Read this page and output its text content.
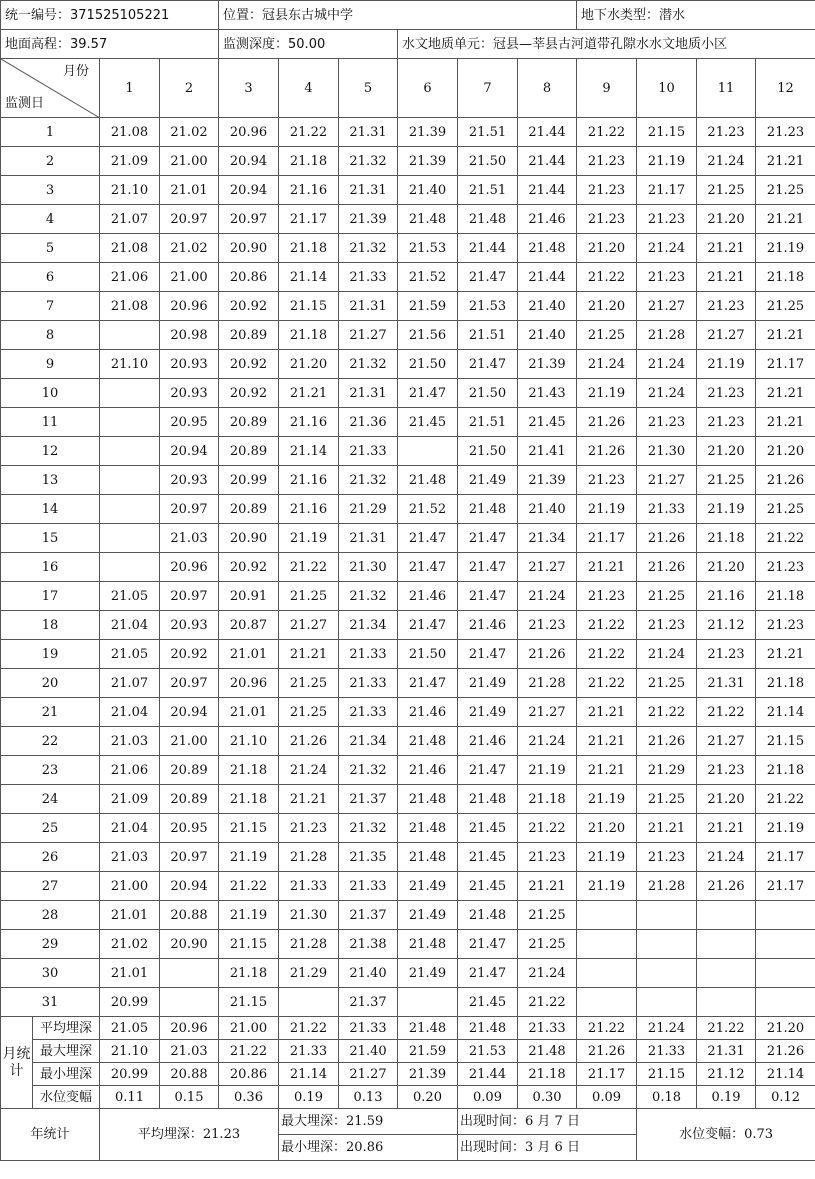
统一编号：371525105221				位置：冠县东古城中学						地下水类型：潜水			
地面高程：39.57				监测深度：50.00			水文地质单元：冠县—莘县古河道带孔隙水水文地质小区						

月份
监测日		1	2	3	4	5	6	7	8	9	10	11	12
1		21.08	21.02	20.96	21.22	21.31	21.39	21.51	21.44	21.22	21.15	21.23	21.23
2		21.09	21.00	20.94	21.18	21.32	21.39	21.50	21.44	21.23	21.19	21.24	21.21
3		21.10	21.01	20.94	21.16	21.31	21.40	21.51	21.44	21.23	21.17	21.25	21.25
4		21.07	20.97	20.97	21.17	21.39	21.48	21.48	21.46	21.23	21.23	21.20	21.21
5		21.08	21.02	20.90	21.18	21.32	21.53	21.44	21.48	21.20	21.24	21.21	21.19
6		21.06	21.00	20.86	21.14	21.33	21.52	21.47	21.44	21.22	21.23	21.21	21.18
7		21.08	20.96	20.92	21.15	21.31	21.59	21.53	21.40	21.20	21.27	21.23	21.25
8			20.98	20.89	21.18	21.27	21.56	21.51	21.40	21.25	21.28	21.27	21.21
9		21.10	20.93	20.92	21.20	21.32	21.50	21.47	21.39	21.24	21.24	21.19	21.17
10			20.93	20.92	21.21	21.31	21.47	21.50	21.43	21.19	21.24	21.23	21.21
11			20.95	20.89	21.16	21.36	21.45	21.51	21.45	21.26	21.23	21.23	21.21
12			20.94	20.89	21.14	21.33		21.50	21.41	21.26	21.30	21.20	21.20
13			20.93	20.99	21.16	21.32	21.48	21.49	21.39	21.23	21.27	21.25	21.26
14			20.97	20.89	21.16	21.29	21.52	21.48	21.40	21.19	21.33	21.19	21.25
15			21.03	20.90	21.19	21.31	21.47	21.47	21.34	21.17	21.26	21.18	21.22
16			20.96	20.92	21.22	21.30	21.47	21.47	21.27	21.21	21.26	21.20	21.23
17		21.05	20.97	20.91	21.25	21.32	21.46	21.47	21.24	21.23	21.25	21.16	21.18
18		21.04	20.93	20.87	21.27	21.34	21.47	21.46	21.23	21.22	21.23	21.12	21.23
19		21.05	20.92	21.01	21.21	21.33	21.50	21.47	21.26	21.22	21.24	21.23	21.21
20		21.07	20.97	20.96	21.25	21.33	21.47	21.49	21.28	21.22	21.25	21.31	21.18
21		21.04	20.94	21.01	21.25	21.33	21.46	21.49	21.27	21.21	21.22	21.22	21.14
22		21.03	21.00	21.10	21.26	21.34	21.48	21.46	21.24	21.21	21.26	21.27	21.15
23		21.06	20.89	21.18	21.24	21.32	21.46	21.47	21.19	21.21	21.29	21.23	21.18
24		21.09	20.89	21.18	21.21	21.37	21.48	21.48	21.18	21.19	21.25	21.20	21.22
25		21.04	20.95	21.15	21.23	21.32	21.48	21.45	21.22	21.20	21.21	21.21	21.19
26		21.03	20.97	21.19	21.28	21.35	21.48	21.45	21.23	21.19	21.23	21.24	21.17
27		21.00	20.94	21.22	21.33	21.33	21.49	21.45	21.21	21.19	21.28	21.26	21.17
28		21.01	20.88	21.19	21.30	21.37	21.49	21.48	21.25				
29		21.02	20.90	21.15	21.28	21.38	21.48	21.47	21.25				
30		21.01		21.18	21.29	21.40	21.49	21.47	21.24				
31		20.99		21.15		21.37		21.45	21.22				
月统计	平均埋深	21.05	20.96	21.00	21.22	21.33	21.48	21.48	21.33	21.22	21.24	21.22	21.20
	最大埋深	21.10	21.03	21.22	21.33	21.40	21.59	21.53	21.48	21.26	21.33	21.31	21.26
	最小埋深	20.99	20.88	20.86	21.14	21.27	21.39	21.44	21.18	21.17	21.15	21.12	21.14
	水位变幅	0.11	0.15	0.36	0.19	0.13	0.20	0.09	0.30	0.09	0.18	0.19	0.12
年统计		平均埋深：21.23			最大埋深：21.59			出现时间：6 月 7 日			水位变幅：0.73		
					最小埋深：20.86			出现时间：3 月 6 日					
